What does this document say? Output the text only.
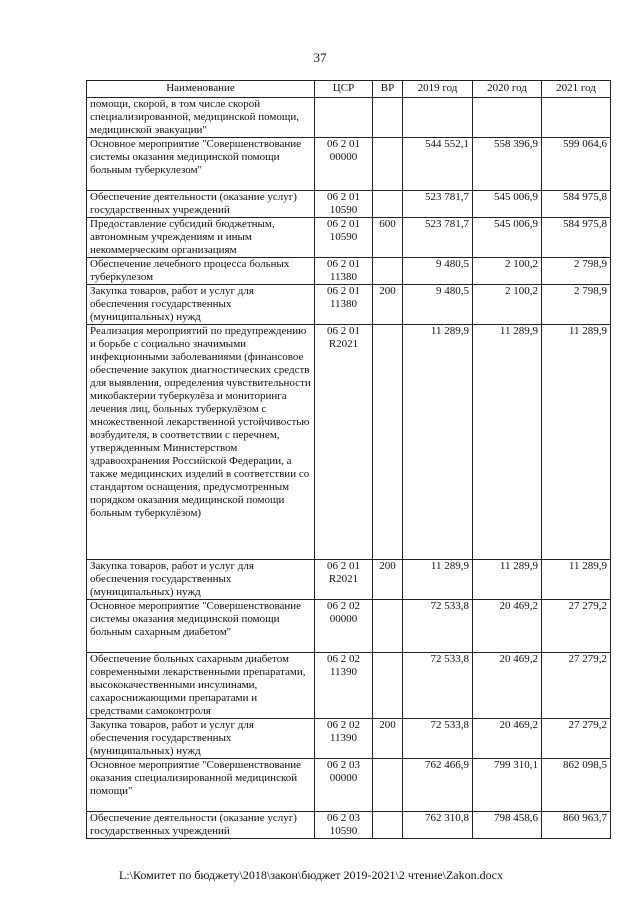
37
Наименование	ЦСР	ВР	2019 год	2020 год	2021 год
помощи, скорой, в том числе скорой специализированной, медицинской помощи, медицинской эвакуации"					
Основное мероприятие "Совершенствование системы оказания медицинской помощи больным туберкулезом"	06 2 01 00000		544 552,1	558 396,9	599 064,6
Обеспечение деятельности (оказание услуг) государственных учреждений	06 2 01 10590		523 781,7	545 006,9	584 975,8
Предоставление субсидий бюджетным, автономным учреждениям и иным некоммерческим организациям	06 2 01 10590	600	523 781,7	545 006,9	584 975,8
Обеспечение лечебного процесса больных туберкулезом	06 2 01 11380		9 480,5	2 100,2	2 798,9
Закупка товаров, работ и услуг для обеспечения государственных (муниципальных) нужд	06 2 01 11380	200	9 480,5	2 100,2	2 798,9
Реализация мероприятий по предупреждению и борьбе с социально значимыми инфекционными заболеваниями (финансовое обеспечение закупок диагностических средств для выявления, определения чувствительности микобактерии туберкулёза и мониторинга лечения лиц, больных туберкулёзом с множественной лекарственной устойчивостью возбудителя, в соответствии с перечнем, утвержденным Министерством здравоохранения Российской Федерации, а также медицинских изделий в соответствии со стандартом оснащения, предусмотренным порядком оказания медицинской помощи больным туберкулёзом)	06 2 01 R2021		11 289,9	11 289,9	11 289,9
Закупка товаров, работ и услуг для обеспечения государственных (муниципальных) нужд	06 2 01 R2021	200	11 289,9	11 289,9	11 289,9
Основное мероприятие "Совершенствование системы оказания медицинской помощи больным сахарным диабетом"	06 2 02 00000		72 533,8	20 469,2	27 279,2
Обеспечение больных сахарным диабетом современными лекарственными препаратами, высококачественными инсулинами, сахароснижающими препаратами и средствами самоконтроля	06 2 02 11390		72 533,8	20 469,2	27 279,2
Закупка товаров, работ и услуг для обеспечения государственных (муниципальных) нужд	06 2 02 11390	200	72 533,8	20 469,2	27 279,2
Основное мероприятие "Совершенствование оказания специализированной медицинской помощи"	06 2 03 00000		762 466,9	799 310,1	862 098,5
Обеспечение деятельности (оказание услуг) государственных учреждений	06 2 03 10590		762 310,8	798 458,6	860 963,7
L:\Комитет по бюджету\2018\закон\бюджет 2019-2021\2 чтение\Zakon.docx
